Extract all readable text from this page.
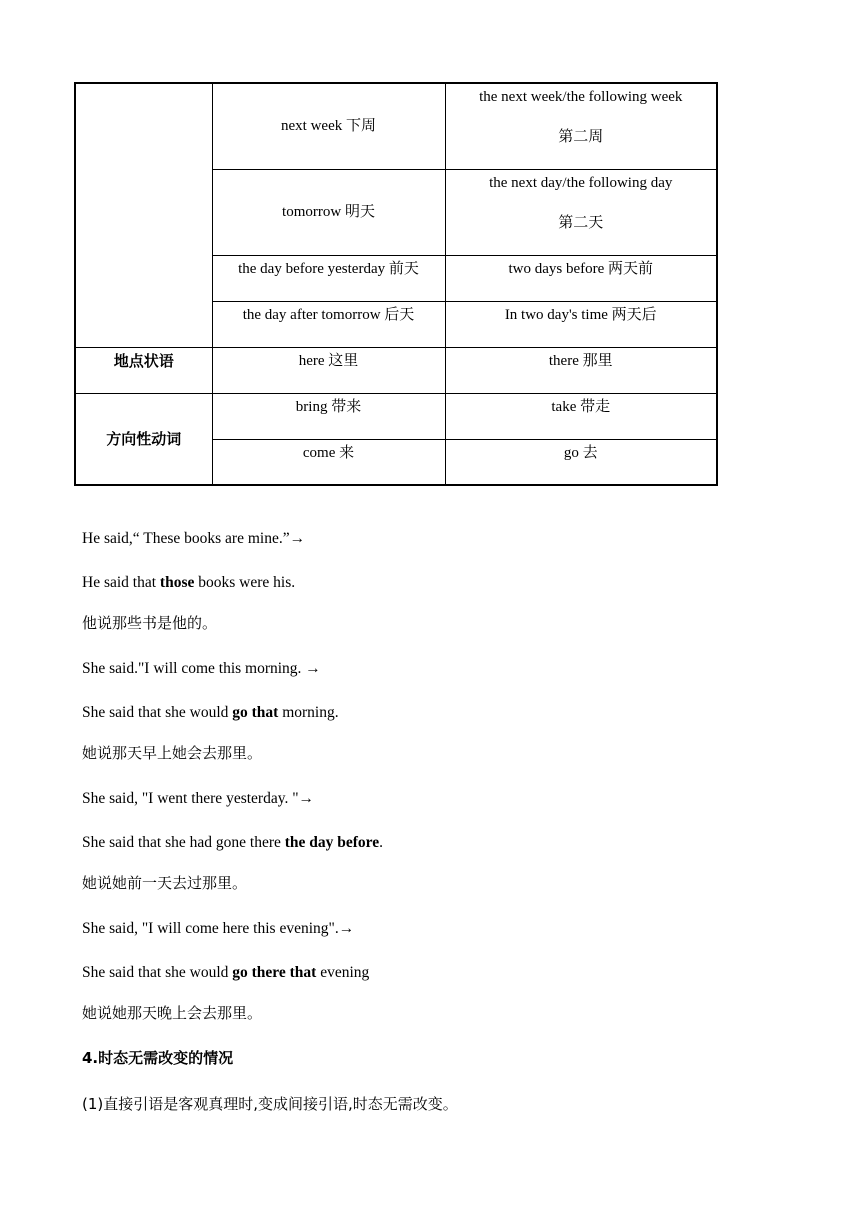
	next week 下周	the next week/the following week
第二周

	tomorrow 明天	the next day/the following day
第二天

	the day before yesterday 前天	two days before 两天前

	the day after tomorrow 后天	In two day's time 两天后

地点状语	here 这里	there 那里

方向性动词	bring 带来	take 带走

	come 来	go 去

He said,“ These books are mine.”→

He said that those books were his.

他说那些书是他的。

She said."I will come this morning. →

She said that she would go that morning.

她说那天早上她会去那里。

She said, "I went there yesterday. "→

She said that she had gone there the day before.

她说她前一天去过那里。

She said, "I will come here this evening".→

She said that she would go there that evening

她说她那天晚上会去那里。

4.时态无需改变的情况

(1)直接引语是客观真理时,变成间接引语,时态无需改变。
